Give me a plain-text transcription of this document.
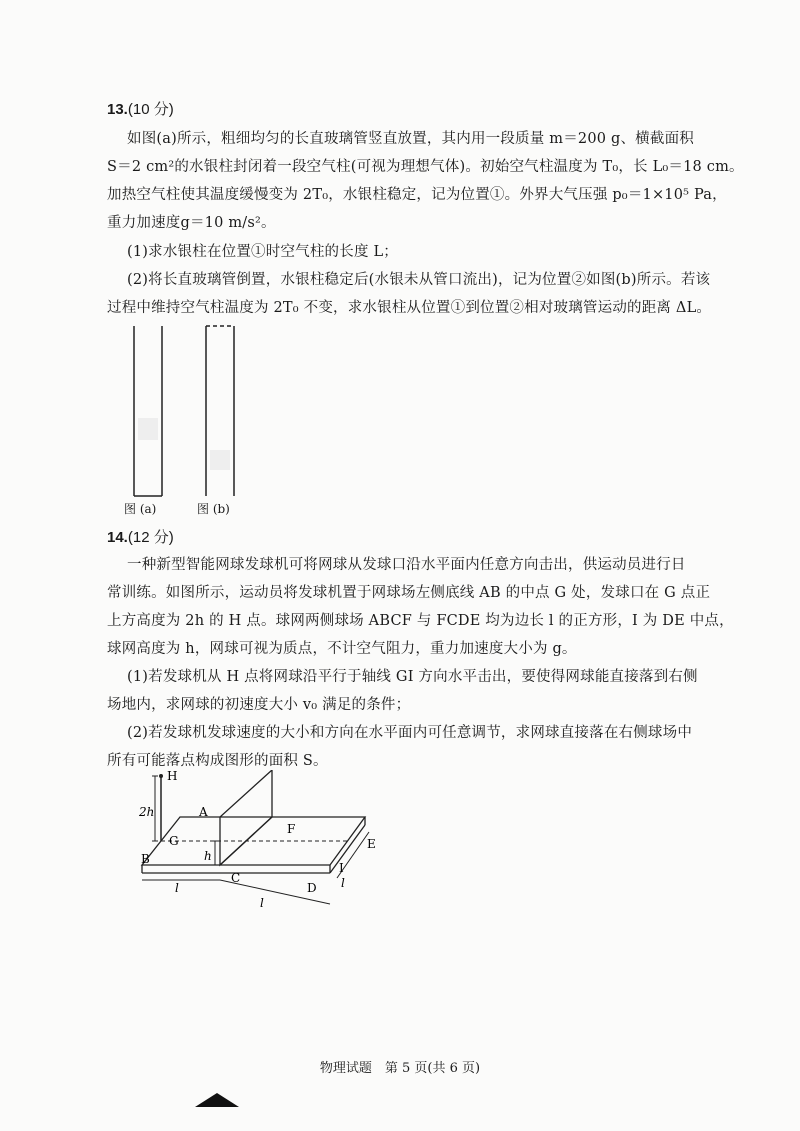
13.(10 分)
如图(a)所示，粗细均匀的长直玻璃管竖直放置，其内用一段质量 m＝200 g、横截面积
S＝2 cm²的水银柱封闭着一段空气柱(可视为理想气体)。初始空气柱温度为 T₀，长 L₀＝18 cm。
加热空气柱使其温度缓慢变为 2T₀，水银柱稳定，记为位置①。外界大气压强 p₀＝1×10⁵ Pa，
重力加速度g＝10 m/s²。
(1)求水银柱在位置①时空气柱的长度 L；
(2)将长直玻璃管倒置，水银柱稳定后(水银未从管口流出)，记为位置②如图(b)所示。若该
过程中维持空气柱温度为 2T₀ 不变，求水银柱从位置①到位置②相对玻璃管运动的距离 ΔL。
图 (a)	图 (b)
14.(12 分)
一种新型智能网球发球机可将网球从发球口沿水平面内任意方向击出，供运动员进行日
常训练。如图所示，运动员将发球机置于网球场左侧底线 AB 的中点 G 处，发球口在 G 点正
上方高度为 2h 的 H 点。球网两侧球场 ABCF 与 FCDE 均为边长 l 的正方形，I 为 DE 中点，
球网高度为 h，网球可视为质点，不计空气阻力，重力加速度大小为 g。
(1)若发球机从 H 点将网球沿平行于轴线 GI 方向水平击出，要使得网球能直接落到右侧
场地内，求网球的初速度大小 v₀ 满足的条件；
(2)若发球机发球速度的大小和方向在水平面内可任意调节，求网球直接落在右侧球场中
所有可能落点构成图形的面积 S。
H
A
B
C
D
E
F
G
I
2h
h
l
l
l
物理试题　第 5 页(共 6 页)
